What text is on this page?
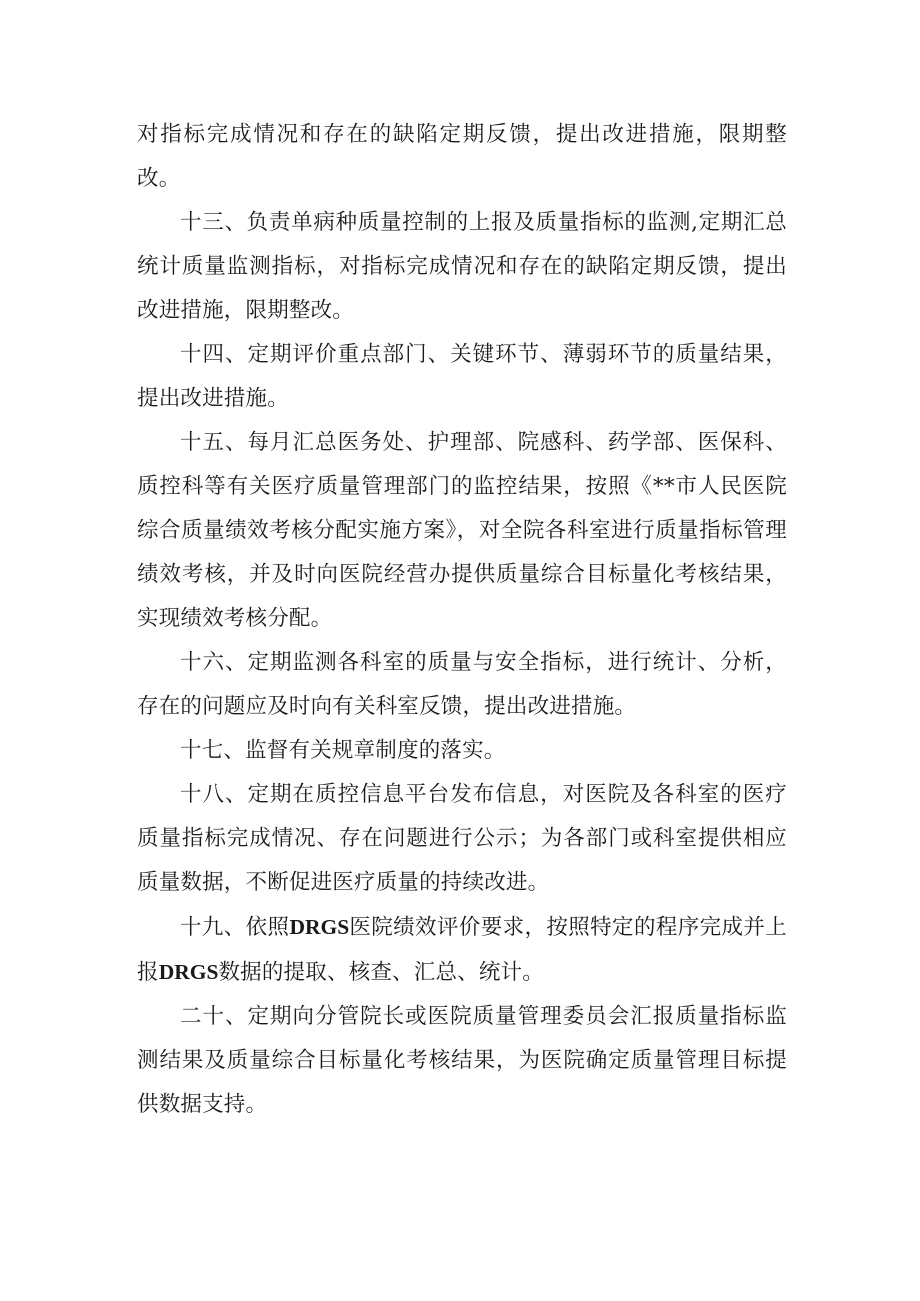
对指标完成情况和存在的缺陷定期反馈，提出改进措施，限期整改。

十三、负责单病种质量控制的上报及质量指标的监测,定期汇总统计质量监测指标，对指标完成情况和存在的缺陷定期反馈，提出改进措施，限期整改。

十四、定期评价重点部门、关键环节、薄弱环节的质量结果，提出改进措施。

十五、每月汇总医务处、护理部、院感科、药学部、医保科、质控科等有关医疗质量管理部门的监控结果，按照《**市人民医院综合质量绩效考核分配实施方案》，对全院各科室进行质量指标管理绩效考核，并及时向医院经营办提供质量综合目标量化考核结果，实现绩效考核分配。

十六、定期监测各科室的质量与安全指标，进行统计、分析，存在的问题应及时向有关科室反馈，提出改进措施。

十七、监督有关规章制度的落实。

十八、定期在质控信息平台发布信息，对医院及各科室的医疗质量指标完成情况、存在问题进行公示；为各部门或科室提供相应质量数据，不断促进医疗质量的持续改进。

十九、依照DRGS医院绩效评价要求，按照特定的程序完成并上报DRGS数据的提取、核查、汇总、统计。

二十、定期向分管院长或医院质量管理委员会汇报质量指标监测结果及质量综合目标量化考核结果，为医院确定质量管理目标提供数据支持。
